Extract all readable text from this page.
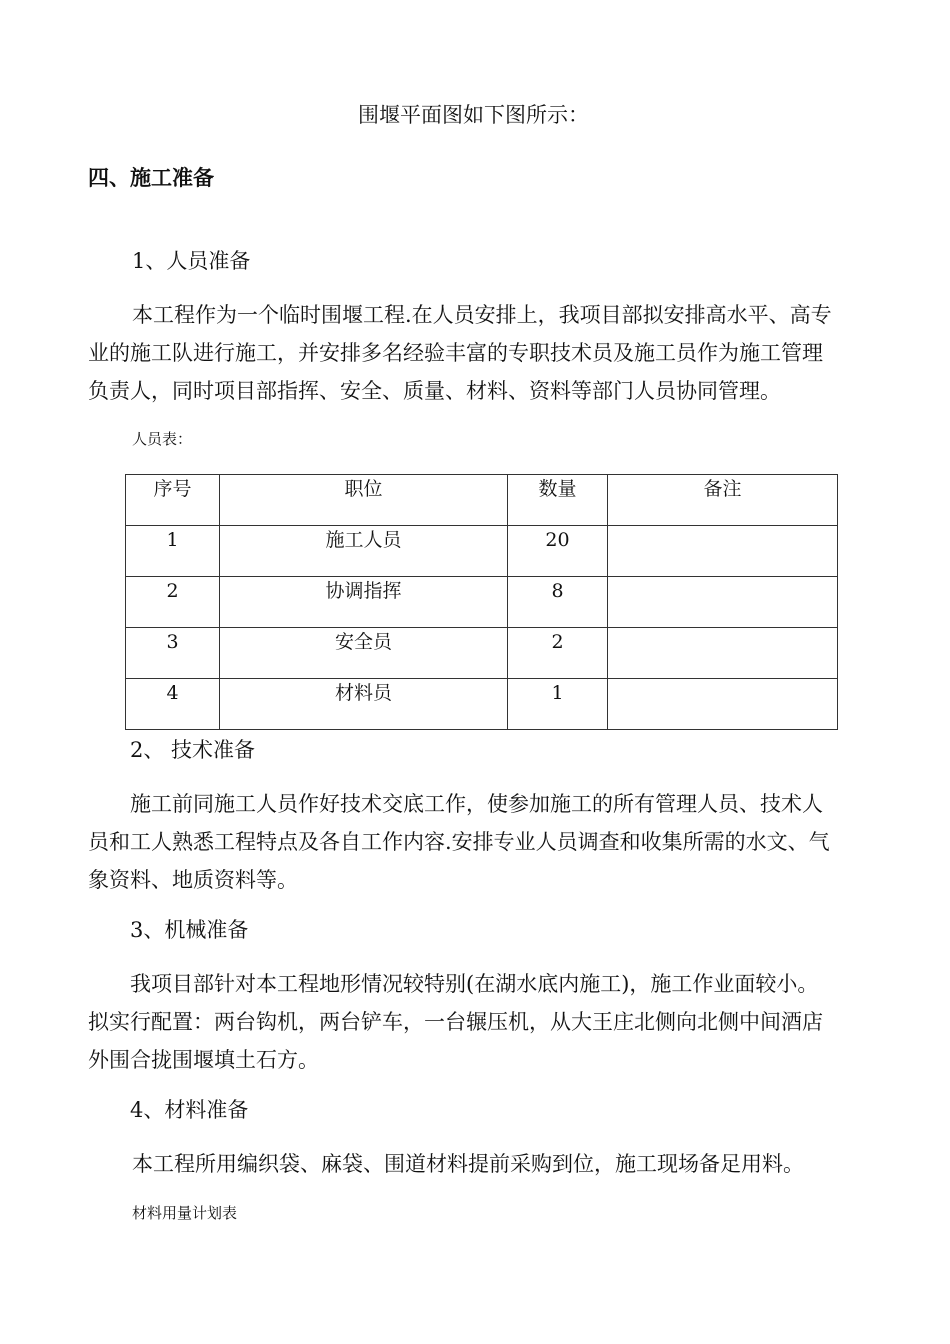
围堰平面图如下图所示：
四、施工准备
1、人员准备
本工程作为一个临时围堰工程.在人员安排上，我项目部拟安排高水平、高专
业的施工队进行施工，并安排多名经验丰富的专职技术员及施工员作为施工管理
负责人，同时项目部指挥、安全、质量、材料、资料等部门人员协同管理。
人员表：
序号	职位	数量	备注
1	施工人员	20	
2	协调指挥	8	
3	安全员	2	
4	材料员	1	
2、 技术准备
施工前同施工人员作好技术交底工作，使参加施工的所有管理人员、技术人
员和工人熟悉工程特点及各自工作内容.安排专业人员调查和收集所需的水文、气
象资料、地质资料等。
3、机械准备
我项目部针对本工程地形情况较特别(在湖水底内施工)，施工作业面较小。
拟实行配置：两台钩机，两台铲车，一台辗压机，从大王庄北侧向北侧中间酒店
外围合拢围堰填土石方。
4、材料准备
本工程所用编织袋、麻袋、围道材料提前采购到位，施工现场备足用料。
材料用量计划表
